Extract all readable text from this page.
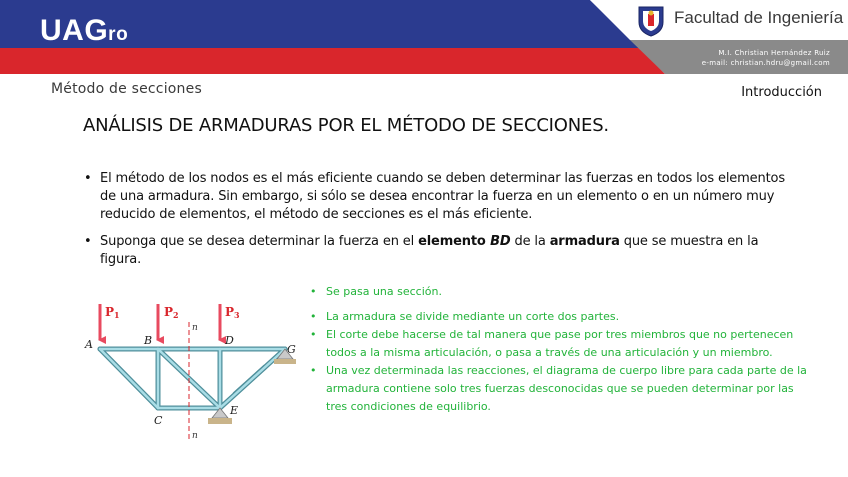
UAGro
Facultad de Ingeniería
M.I. Christian Hernández Ruiz
e-mail: christian.hdru@gmail.com
Método de secciones	Introducción
ANÁLISIS DE ARMADURAS POR EL MÉTODO DE SECCIONES.
• El método de los nodos es el más eficiente cuando se deben determinar las fuerzas en todos los elementos de una armadura. Sin embargo, si sólo se desea encontrar la fuerza en un elemento o en un número muy reducido de elementos, el método de secciones es el más eficiente.
• Suponga que se desea determinar la fuerza en el elemento BD de la armadura que se muestra en la figura.
P1	P2	P3
n
n
A	B	D
G
C
E
• Se pasa una sección.
• La armadura se divide mediante un corte dos partes.
• El corte debe hacerse de tal manera que pase por tres miembros que no pertenecen todos a la misma articulación, o pasa a través de una articulación y un miembro.
• Una vez determinada las reacciones, el diagrama de cuerpo libre para cada parte de la armadura contiene solo tres fuerzas desconocidas que se pueden determinar por las tres condiciones de equilibrio.
